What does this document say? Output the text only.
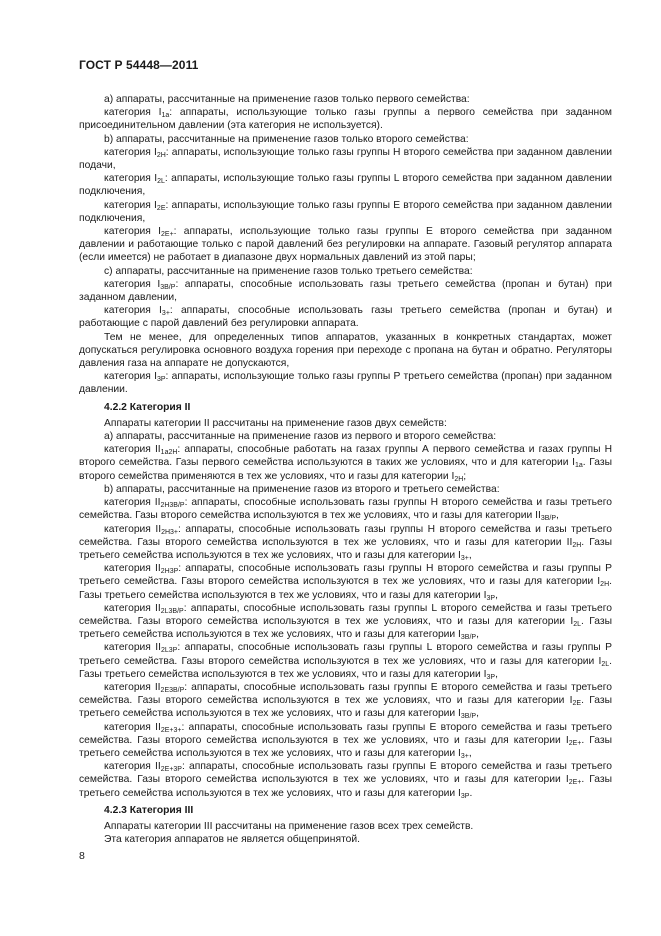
ГОСТ Р 54448—2011

а) аппараты, рассчитанные на применение газов только первого семейства:

категория $I_{1a}$: аппараты, использующие только газы группы а первого семейства при заданном присоединительном давлении (эта категория не используется).

b) аппараты, рассчитанные на применение газов только второго семейства:

категория $I_{2H}$: аппараты, использующие только газы группы Н второго семейства при заданном давлении подачи,

категория $I_{2L}$: аппараты, использующие только газы группы L второго семейства при заданном давлении подключения,

категория $I_{2E}$: аппараты, использующие только газы группы Е второго семейства при заданном давлении подключения,

категория $I_{2E+}$: аппараты, использующие только газы группы Е второго семейства при заданном давлении и работающие только с парой давлений без регулировки на аппарате. Газовый регулятор аппарата (если имеется) не работает в диапазоне двух нормальных давлений из этой пары;

с) аппараты, рассчитанные на применение газов только третьего семейства:

категория $I_{3B/P}$: аппараты, способные использовать газы третьего семейства (пропан и бутан) при заданном давлении,

категория $I_{3+}$: аппараты, способные использовать газы третьего семейства (пропан и бутан) и работающие с парой давлений без регулировки аппарата.

Тем не менее, для определенных типов аппаратов, указанных в конкретных стандартах, может допускаться регулировка основного воздуха горения при переходе с пропана на бутан и обратно. Регуляторы давления газа на аппарате не допускаются,

категория $I_{3P}$: аппараты, использующие только газы группы Р третьего семейства (пропан) при заданном давлении.

4.2.2 Категория II

Аппараты категории II рассчитаны на применение газов двух семейств:

а) аппараты, рассчитанные на применение газов из первого и второго семейства:

категория $II_{1a2H}$: аппараты, способные работать на газах группы А первого семейства и газах группы Н второго семейства. Газы первого семейства используются в таких же условиях, что и для категории $I_{1a}$. Газы второго семейства применяются в тех же условиях, что и газы для категории $I_{2H}$;

b) аппараты, рассчитанные на применение газов из второго и третьего семейства:

категория $II_{2H3B/P}$: аппараты, способные использовать газы группы Н второго семейства и газы третьего семейства. Газы второго семейства используются в тех же условиях, что и газы для категории $II_{3B/P}$,

категория $II_{2H3+}$: аппараты, способные использовать газы группы Н второго семейства и газы третьего семейства. Газы второго семейства используются в тех же условиях, что и газы для категории $II_{2H}$. Газы третьего семейства используются в тех же условиях, что и газы для категории $I_{3+}$,

категория $II_{2H3P}$: аппараты, способные использовать газы группы Н второго семейства и газы группы Р третьего семейства. Газы второго семейства используются в тех же условиях, что и газы для категории $I_{2H}$. Газы третьего семейства используются в тех же условиях, что и газы для категории $I_{3P}$,

категория $II_{2L3B/P}$: аппараты, способные использовать газы группы L второго семейства и газы третьего семейства. Газы второго семейства используются в тех же условиях, что и газы для категории $I_{2L}$. Газы третьего семейства используются в тех же условиях, что и газы для категории $I_{3B/P}$,

категория $II_{2L3P}$: аппараты, способные использовать газы группы L второго семейства и газы группы Р третьего семейства. Газы второго семейства используются в тех же условиях, что и газы для категории $I_{2L}$. Газы третьего семейства используются в тех же условиях, что и газы для категории $I_{3P}$,

категория $II_{2E3B/P}$: аппараты, способные использовать газы группы Е второго семейства и газы третьего семейства. Газы второго семейства используются в тех же условиях, что и газы для категории $I_{2E}$. Газы третьего семейства используются в тех же условиях, что и газы для категории $I_{3B/P}$,

категория $II_{2E+3+}$: аппараты, способные использовать газы группы Е второго семейства и газы третьего семейства. Газы второго семейства используются в тех же условиях, что и газы для категории $I_{2E+}$. Газы третьего семейства используются в тех же условиях, что и газы для категории $I_{3+}$,

категория $II_{2E+3P}$: аппараты, способные использовать газы группы Е второго семейства и газы третьего семейства. Газы второго семейства используются в тех же условиях, что и газы для категории $I_{2E+}$. Газы третьего семейства используются в тех же условиях, что и газы для категории $I_{3P}$.

4.2.3 Категория III

Аппараты категории III рассчитаны на применение газов всех трех семейств.

Эта категория аппаратов не является общепринятой.

8
